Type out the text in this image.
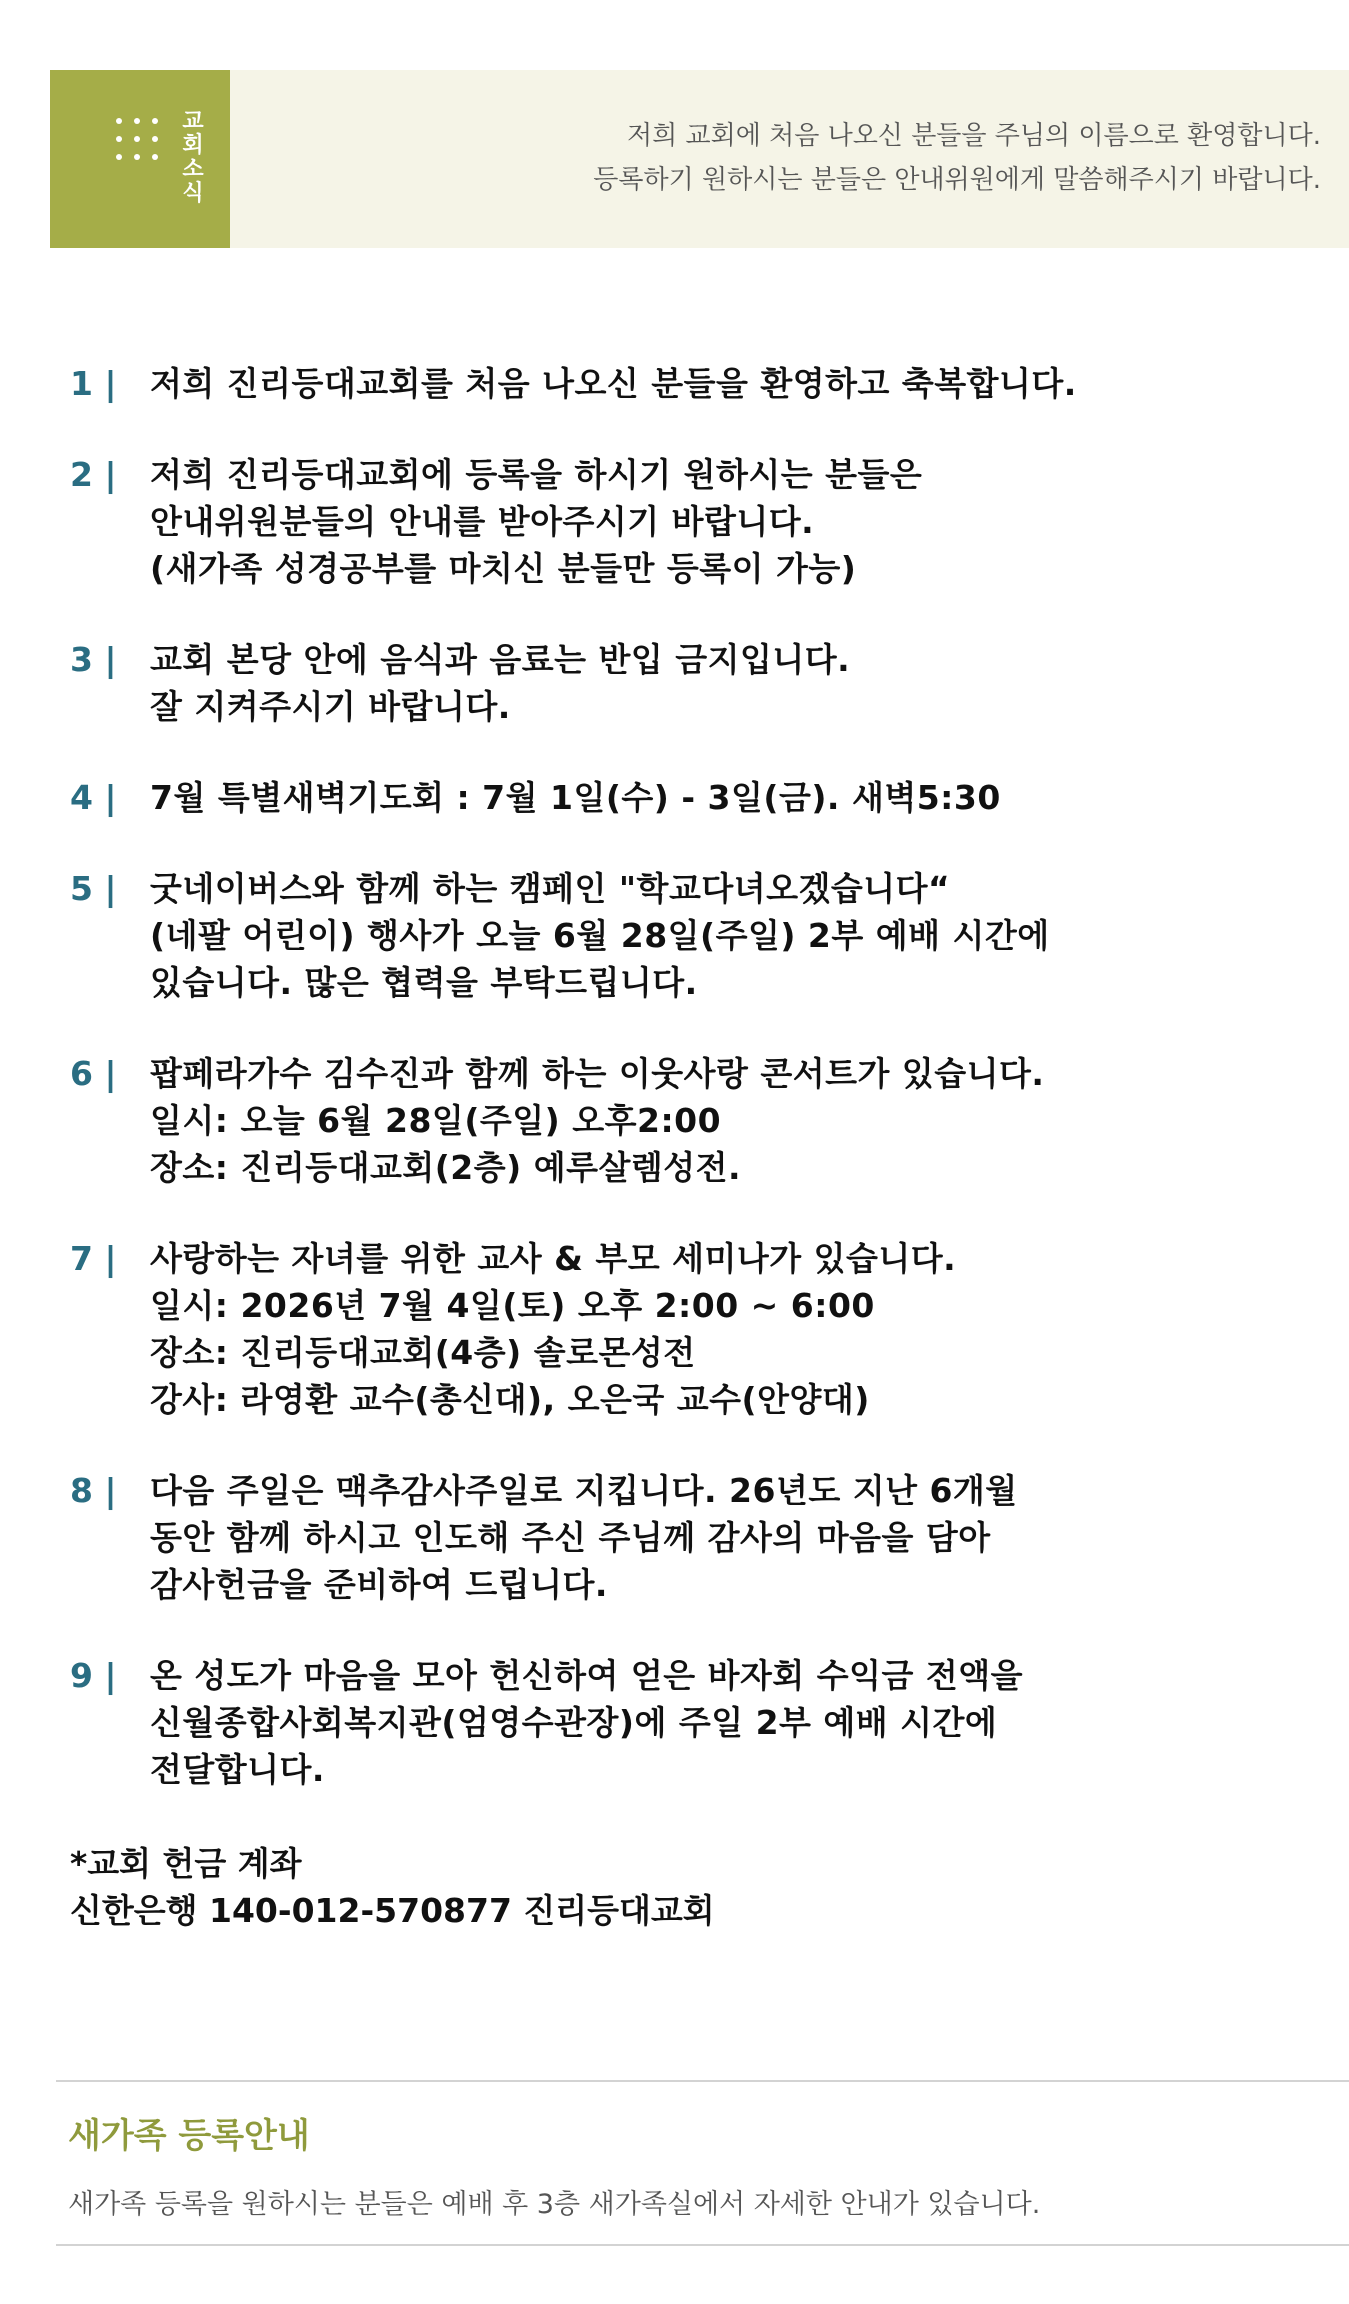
교회소식
저희 교회에 처음 나오신 분들을 주님의 이름으로 환영합니다.
등록하기 원하시는 분들은 안내위원에게 말씀해주시기 바랍니다.
1 |	저희 진리등대교회를 처음 나오신 분들을 환영하고 축복합니다.
2 |	저희 진리등대교회에 등록을 하시기 원하시는 분들은
안내위원분들의 안내를 받아주시기 바랍니다.
(새가족 성경공부를 마치신 분들만 등록이 가능)
3 |	교회 본당 안에 음식과 음료는 반입 금지입니다.
잘 지켜주시기 바랍니다.
4 |	7월 특별새벽기도회 : 7월 1일(수) - 3일(금). 새벽5:30
5 |	굿네이버스와 함께 하는 캠페인 "학교다녀오겠습니다“
(네팔 어린이) 행사가 오늘 6월 28일(주일) 2부 예배 시간에
있습니다. 많은 협력을 부탁드립니다.
6 |	팝페라가수 김수진과 함께 하는 이웃사랑 콘서트가 있습니다.
일시: 오늘 6월 28일(주일) 오후2:00
장소: 진리등대교회(2층) 예루살렘성전.
7 |	사랑하는 자녀를 위한 교사 & 부모 세미나가 있습니다.
일시: 2026년 7월 4일(토) 오후 2:00 ~ 6:00
장소: 진리등대교회(4층) 솔로몬성전
강사: 라영환 교수(총신대), 오은국 교수(안양대)
8 |	다음 주일은 맥추감사주일로 지킵니다. 26년도 지난 6개월
동안 함께 하시고 인도해 주신 주님께 감사의 마음을 담아
감사헌금을 준비하여 드립니다.
9 |	온 성도가 마음을 모아 헌신하여 얻은 바자회 수익금 전액을
신월종합사회복지관(엄영수관장)에 주일 2부 예배 시간에
전달합니다.
*교회 헌금 계좌
신한은행 140-012-570877 진리등대교회
새가족 등록안내
새가족 등록을 원하시는 분들은 예배 후 3층 새가족실에서 자세한 안내가 있습니다.
